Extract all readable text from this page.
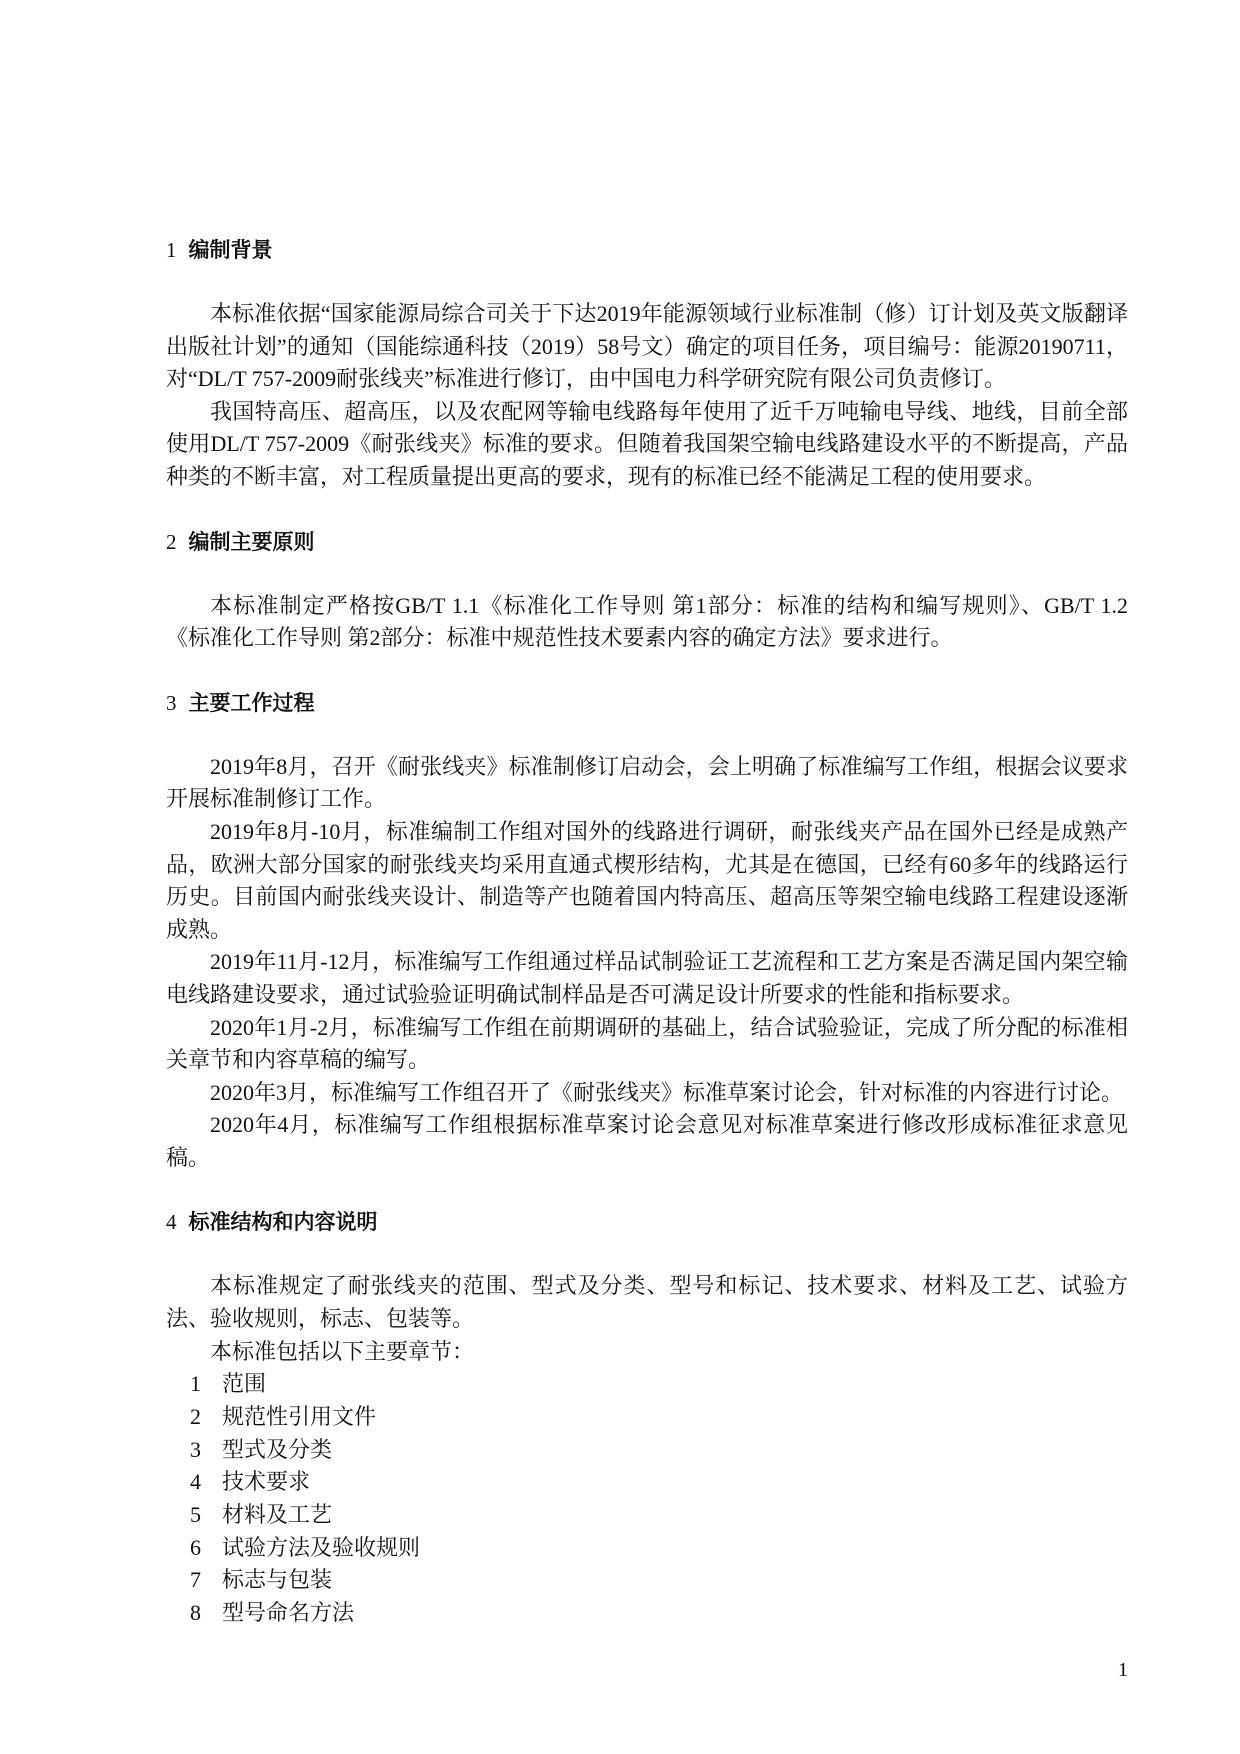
1 编制背景

本标准依据“国家能源局综合司关于下达2019年能源领域行业标准制（修）订计划及英文版翻译出版社计划”的通知（国能综通科技（2019）58号文）确定的项目任务，项目编号：能源20190711，对“DL/T 757-2009耐张线夹”标准进行修订，由中国电力科学研究院有限公司负责修订。

我国特高压、超高压，以及农配网等输电线路每年使用了近千万吨输电导线、地线，目前全部使用DL/T 757-2009《耐张线夹》标准的要求。但随着我国架空输电线路建设水平的不断提高，产品种类的不断丰富，对工程质量提出更高的要求，现有的标准已经不能满足工程的使用要求。

2 编制主要原则

本标准制定严格按GB/T 1.1《标准化工作导则 第1部分：标准的结构和编写规则》、GB/T 1.2《标准化工作导则 第2部分：标准中规范性技术要素内容的确定方法》要求进行。

3 主要工作过程

2019年8月，召开《耐张线夹》标准制修订启动会，会上明确了标准编写工作组，根据会议要求开展标准制修订工作。

2019年8月-10月，标准编制工作组对国外的线路进行调研，耐张线夹产品在国外已经是成熟产品，欧洲大部分国家的耐张线夹均采用直通式楔形结构，尤其是在德国，已经有60多年的线路运行历史。目前国内耐张线夹设计、制造等产也随着国内特高压、超高压等架空输电线路工程建设逐渐成熟。

2019年11月-12月，标准编写工作组通过样品试制验证工艺流程和工艺方案是否满足国内架空输电线路建设要求，通过试验验证明确试制样品是否可满足设计所要求的性能和指标要求。

2020年1月-2月，标准编写工作组在前期调研的基础上，结合试验验证，完成了所分配的标准相关章节和内容草稿的编写。

2020年3月，标准编写工作组召开了《耐张线夹》标准草案讨论会，针对标准的内容进行讨论。

2020年4月，标准编写工作组根据标准草案讨论会意见对标准草案进行修改形成标准征求意见稿。

4 标准结构和内容说明

本标准规定了耐张线夹的范围、型式及分类、型号和标记、技术要求、材料及工艺、试验方法、验收规则，标志、包装等。

本标准包括以下主要章节：

1 范围
2 规范性引用文件
3 型式及分类
4 技术要求
5 材料及工艺
6 试验方法及验收规则
7 标志与包装
8 型号命名方法
1
